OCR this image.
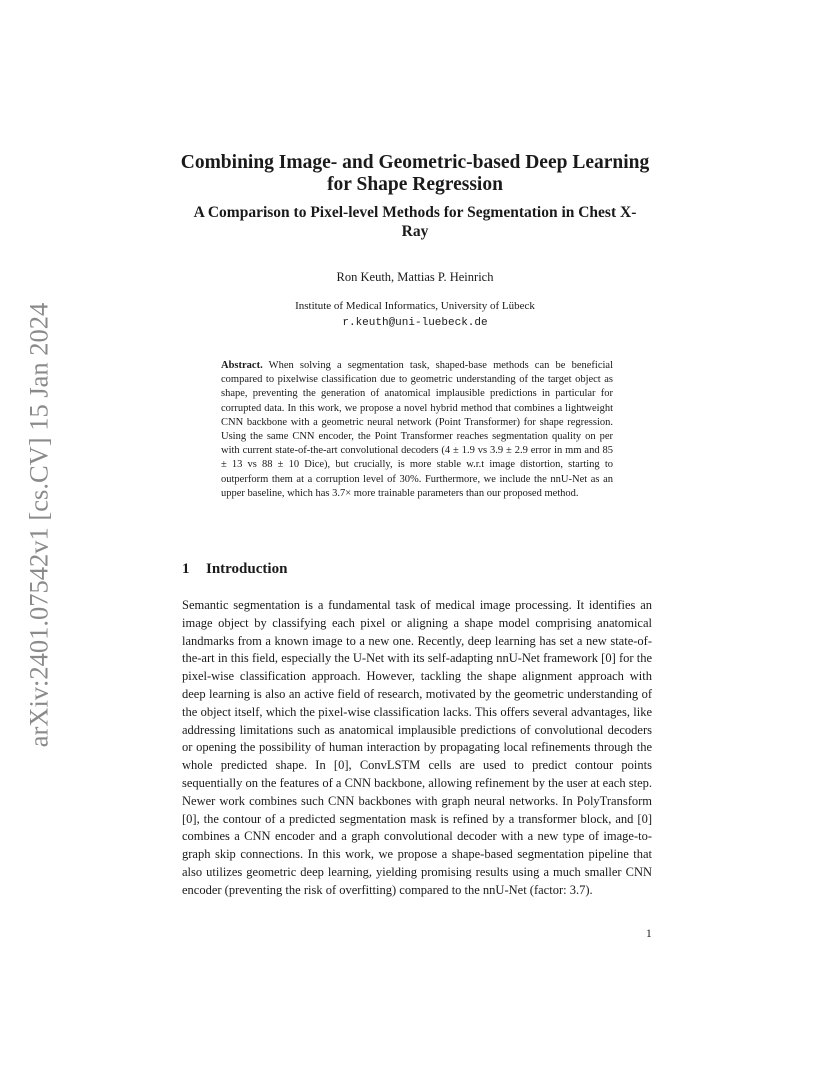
arXiv:2401.07542v1 [cs.CV] 15 Jan 2024
Combining Image- and Geometric-based Deep Learning for Shape Regression
A Comparison to Pixel-level Methods for Segmentation in Chest X-Ray
Ron Keuth, Mattias P. Heinrich
Institute of Medical Informatics, University of Lübeck
r.keuth@uni-luebeck.de
Abstract. When solving a segmentation task, shaped-base methods can be beneficial compared to pixelwise classification due to geometric understanding of the target object as shape, preventing the generation of anatomical implausible predictions in particular for corrupted data. In this work, we propose a novel hybrid method that combines a lightweight CNN backbone with a geometric neural network (Point Transformer) for shape regression. Using the same CNN encoder, the Point Transformer reaches segmentation quality on per with current state-of-the-art convolutional decoders (4 ± 1.9 vs 3.9 ± 2.9 error in mm and 85 ± 13 vs 88 ± 10 Dice), but crucially, is more stable w.r.t image distortion, starting to outperform them at a corruption level of 30%. Furthermore, we include the nnU-Net as an upper baseline, which has 3.7× more trainable parameters than our proposed method.
1 Introduction
Semantic segmentation is a fundamental task of medical image processing. It identifies an image object by classifying each pixel or aligning a shape model comprising anatomical landmarks from a known image to a new one. Recently, deep learning has set a new state-of-the-art in this field, especially the U-Net with its self-adapting nnU-Net framework [0] for the pixel-wise classification approach. However, tackling the shape alignment approach with deep learning is also an active field of research, motivated by the geometric understanding of the object itself, which the pixel-wise classification lacks. This offers several advantages, like addressing limitations such as anatomical implausible predictions of convolutional decoders or opening the possibility of human interaction by propagating local refinements through the whole predicted shape. In [0], ConvLSTM cells are used to predict contour points sequentially on the features of a CNN backbone, allowing refinement by the user at each step. Newer work combines such CNN backbones with graph neural networks. In PolyTransform [0], the contour of a predicted segmentation mask is refined by a transformer block, and [0] combines a CNN encoder and a graph convolutional decoder with a new type of image-to-graph skip connections. In this work, we propose a shape-based segmentation pipeline that also utilizes geometric deep learning, yielding promising results using a much smaller CNN encoder (preventing the risk of overfitting) compared to the nnU-Net (factor: 3.7).
1
